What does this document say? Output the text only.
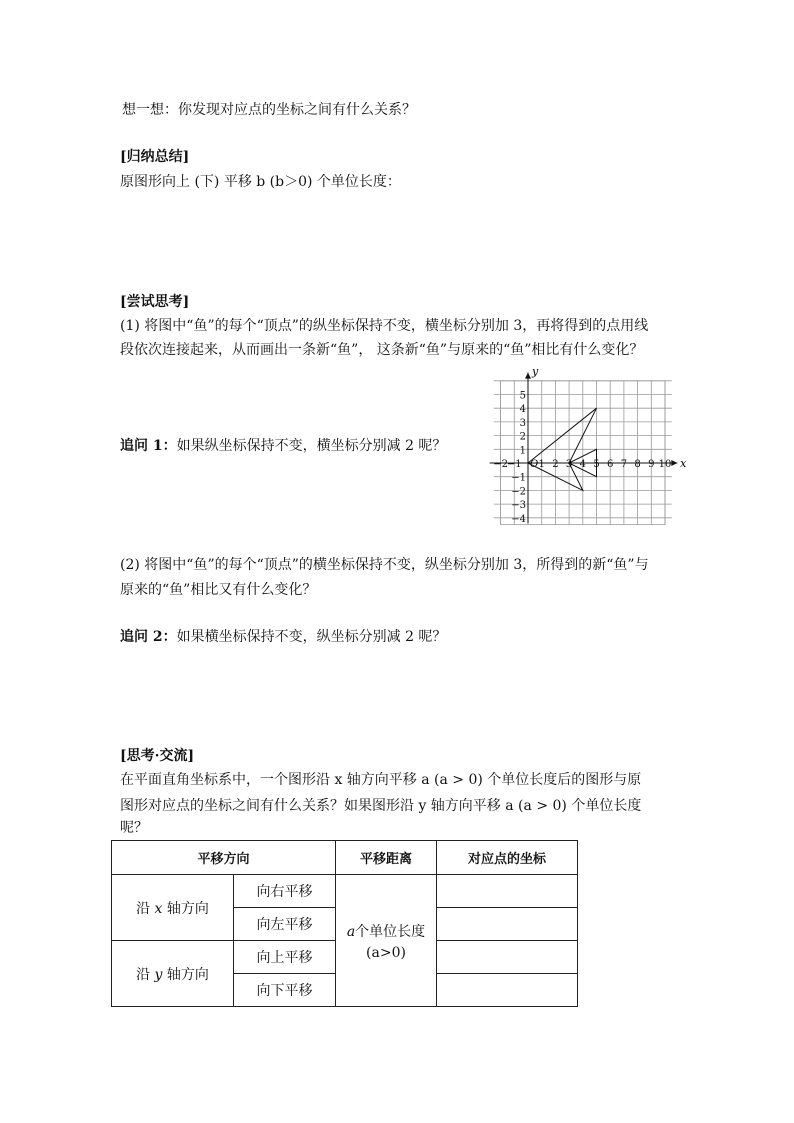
想一想：你发现对应点的坐标之间有什么关系？
[归纳总结]
原图形向上 (下) 平移 b (b＞0) 个单位长度：
[尝试思考]
(1) 将图中“鱼”的每个“顶点”的纵坐标保持不变，横坐标分别加 3，再将得到的点用线
段依次连接起来，从而画出一条新“鱼”， 这条新“鱼”与原来的“鱼”相比有什么变化？
追问 1：如果纵坐标保持不变，横坐标分别减 2 呢？
x
y
O
−2
−1 1 2 3 4 5 6 7 8 9 10
5
4
3
2
1
−1
−2
−3
−4
(2) 将图中“鱼”的每个“顶点”的横坐标保持不变，纵坐标分别加 3，所得到的新“鱼”与
原来的“鱼”相比又有什么变化？
追问 2：如果横坐标保持不变，纵坐标分别减 2 呢？
[思考·交流]
在平面直角坐标系中，一个图形沿 x 轴方向平移 a (a > 0) 个单位长度后的图形与原
图形对应点的坐标之间有什么关系？如果图形沿 y 轴方向平移 a (a > 0) 个单位长度
呢？
平移方向		平移距离	对应点的坐标
沿 x 轴方向	向右平移	a个单位长度
(a>0)	

	向左平移		
沿 y 轴方向	向上平移		
	向下平移		
